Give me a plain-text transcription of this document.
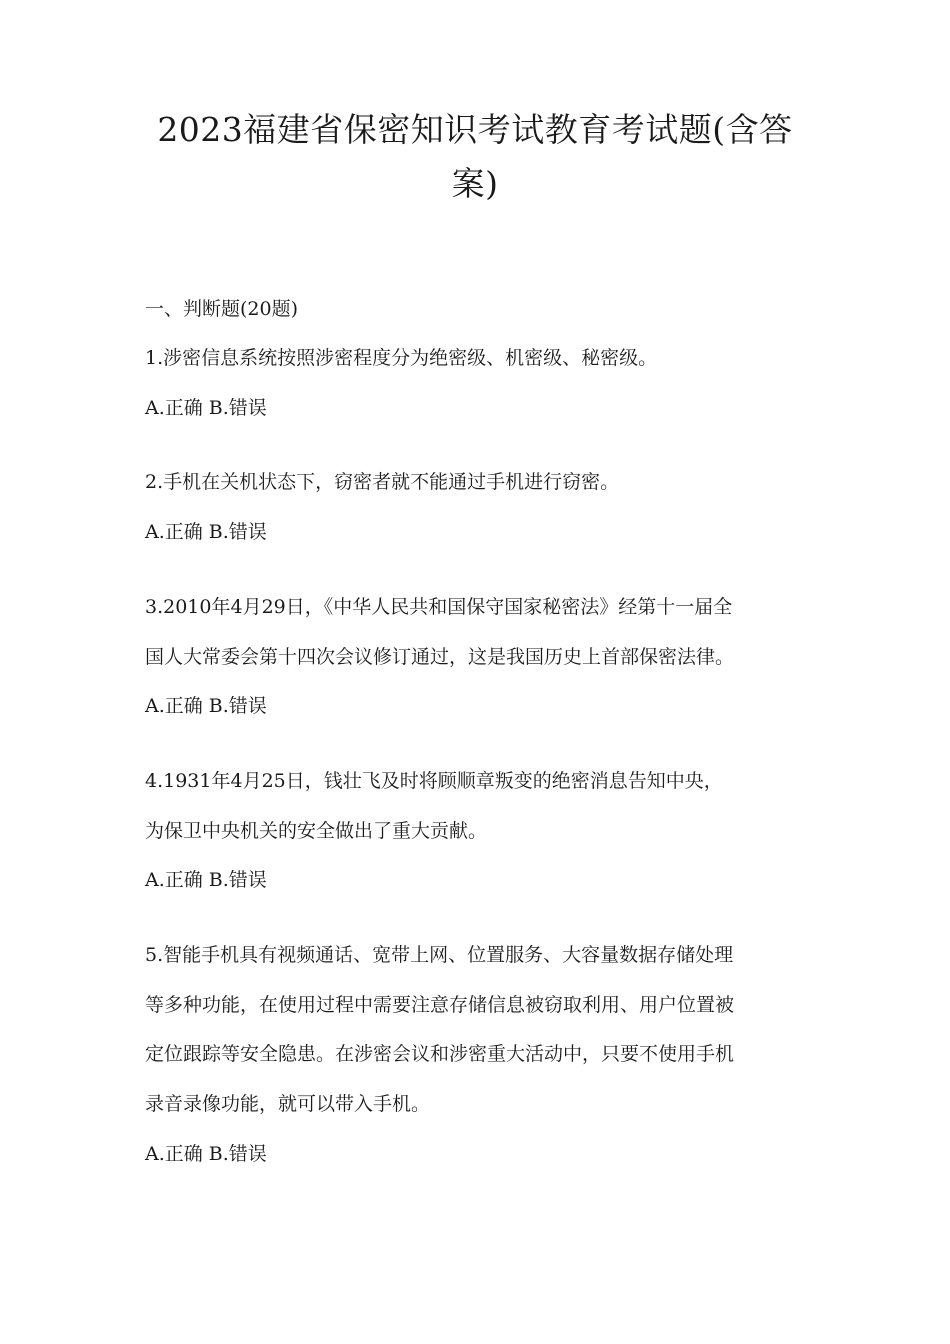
2023福建省保密知识考试教育考试题(含答
案)

一、判断题(20题)

1.涉密信息系统按照涉密程度分为绝密级、机密级、秘密级。

A.正确 B.错误

2.手机在关机状态下，窃密者就不能通过手机进行窃密。

A.正确 B.错误

3.2010年4月29日，《中华人民共和国保守国家秘密法》经第十一届全

国人大常委会第十四次会议修订通过，这是我国历史上首部保密法律。

A.正确 B.错误

4.1931年4月25日，钱壮飞及时将顾顺章叛变的绝密消息告知中央，

为保卫中央机关的安全做出了重大贡献。

A.正确 B.错误

5.智能手机具有视频通话、宽带上网、位置服务、大容量数据存储处理

等多种功能，在使用过程中需要注意存储信息被窃取利用、用户位置被

定位跟踪等安全隐患。在涉密会议和涉密重大活动中，只要不使用手机

录音录像功能，就可以带入手机。

A.正确 B.错误
